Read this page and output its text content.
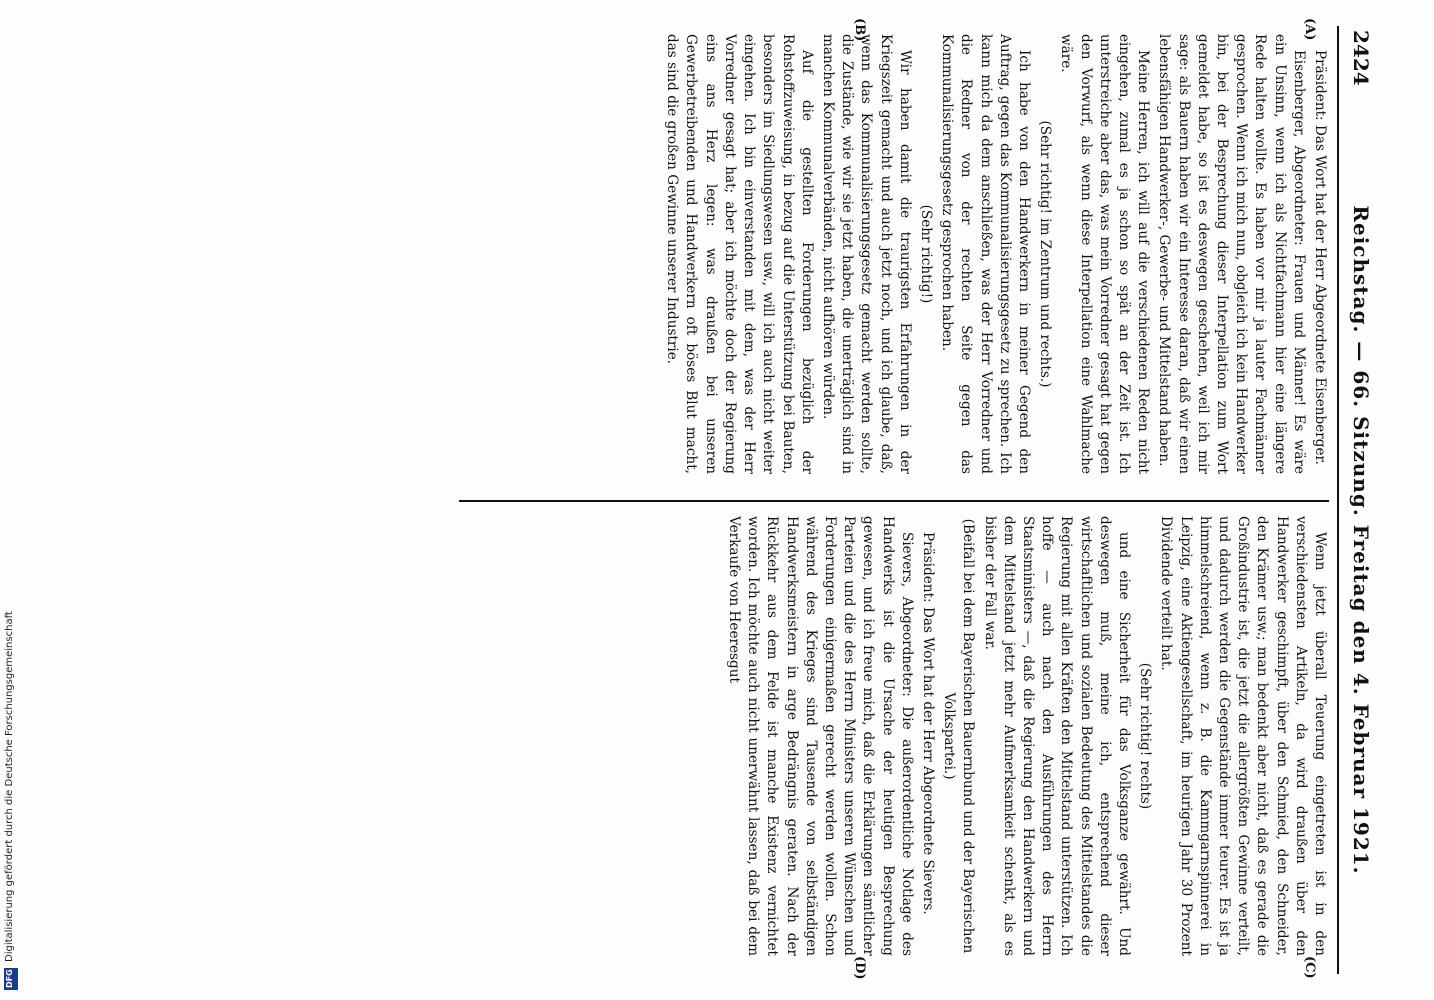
2424
Reichstag. — 66. Sitzung. Freitag den 4. Februar 1921.
(A)
(B)
(C)
(D)

Präsident: Das Wort hat der Herr Abgeordnete Eisenberger.

Eisenberger, Abgeordneter: Frauen und Männer! Es wäre ein Unsinn, wenn ich als Nichtfachmann hier eine längere Rede halten wollte. Es haben vor mir ja lauter Fachmänner gesprochen. Wenn ich mich nun, obgleich ich kein Handwerker bin, bei der Besprechung dieser Interpellation zum Wort gemeldet habe, so ist es deswegen geschehen, weil ich mir sage: als Bauern haben wir ein Interesse daran, daß wir einen lebensfähigen Handwerker-, Gewerbe- und Mittelstand haben.

Meine Herren, ich will auf die verschiedenen Reden nicht eingehen, zumal es ja schon so spät an der Zeit ist. Ich unterstreiche aber das, was mein Vorredner gesagt hat gegen den Vorwurf, als wenn diese Interpellation eine Wahlmache wäre.

(Sehr richtig! im Zentrum und rechts.)

Ich habe von den Handwerkern in meiner Gegend den Auftrag, gegen das Kommunalisierungsgesetz zu sprechen. Ich kann mich da dem anschließen, was der Herr Vorredner und die Redner von der rechten Seite gegen das Kommunalisierungsgesetz gesprochen haben.

(Sehr richtig!)

Wir haben damit die traurigsten Erfahrungen in der Kriegszeit gemacht und auch jetzt noch, und ich glaube, daß, wenn das Kommunalisierungsgesetz gemacht werden sollte, die Zustände, wie wir sie jetzt haben, die unerträglich sind in manchen Kommunalverbänden, nicht aufhören würden.

Auf die gestellten Forderungen bezüglich der Rohstoffzuweisung, in bezug auf die Unterstützung bei Bauten, besonders im Siedlungswesen usw., will ich auch nicht weiter eingehen. Ich bin einverstanden mit dem, was der Herr Vorredner gesagt hat; aber ich möchte doch der Regierung eins ans Herz legen: was draußen bei unseren Gewerbetreibenden und Handwerkern oft böses Blut macht, das sind die großen Gewinne unserer Industrie.

Wenn jetzt überall Teuerung eingetreten ist in den verschiedensten Artikeln, da wird draußen über den Handwerker geschimpft, über den Schmied, den Schneider, den Krämer usw.; man bedenkt aber nicht, daß es gerade die Großindustrie ist, die jetzt die allergrößten Gewinne verteilt, und dadurch werden die Gegenstände immer teurer. Es ist ja himmelschreiend, wenn z. B. die Kammgarnspinnerei in Leipzig, eine Aktiengesellschaft, im heurigen Jahr 30 Prozent Dividende verteilt hat.

(Sehr richtig! rechts)

und eine Sicherheit für das Volksganze gewährt. Und deswegen muß, meine ich, entsprechend dieser wirtschaftlichen und sozialen Bedeutung des Mittelstandes die Regierung mit allen Kräften den Mittelstand unterstützen. Ich hoffe — auch nach den Ausführungen des Herrn Staatsministers —, daß die Regierung den Handwerkern und dem Mittelstand jetzt mehr Aufmerksamkeit schenkt, als es bisher der Fall war.

(Beifall bei dem Bayerischen Bauernbund und der Bayerischen Volkspartei.)

Präsident: Das Wort hat der Herr Abgeordnete Sievers.

Sievers, Abgeordneter: Die außerordentliche Notlage des Handwerks ist die Ursache der heutigen Besprechung gewesen, und ich freue mich, daß die Erklärungen sämtlicher Parteien und die des Herrn Ministers unseren Wünschen und Forderungen einigermaßen gerecht werden wollen. Schon während des Krieges sind Tausende von selbständigen Handwerksmeistern in arge Bedrängnis geraten. Nach der Rückkehr aus dem Felde ist manche Existenz vernichtet worden. Ich möchte auch nicht unerwähnt lassen, daß bei dem Verkaufe von Heeresgut

DFG
Digitalisierung gefördert durch die Deutsche Forschungsgemeinschaft
